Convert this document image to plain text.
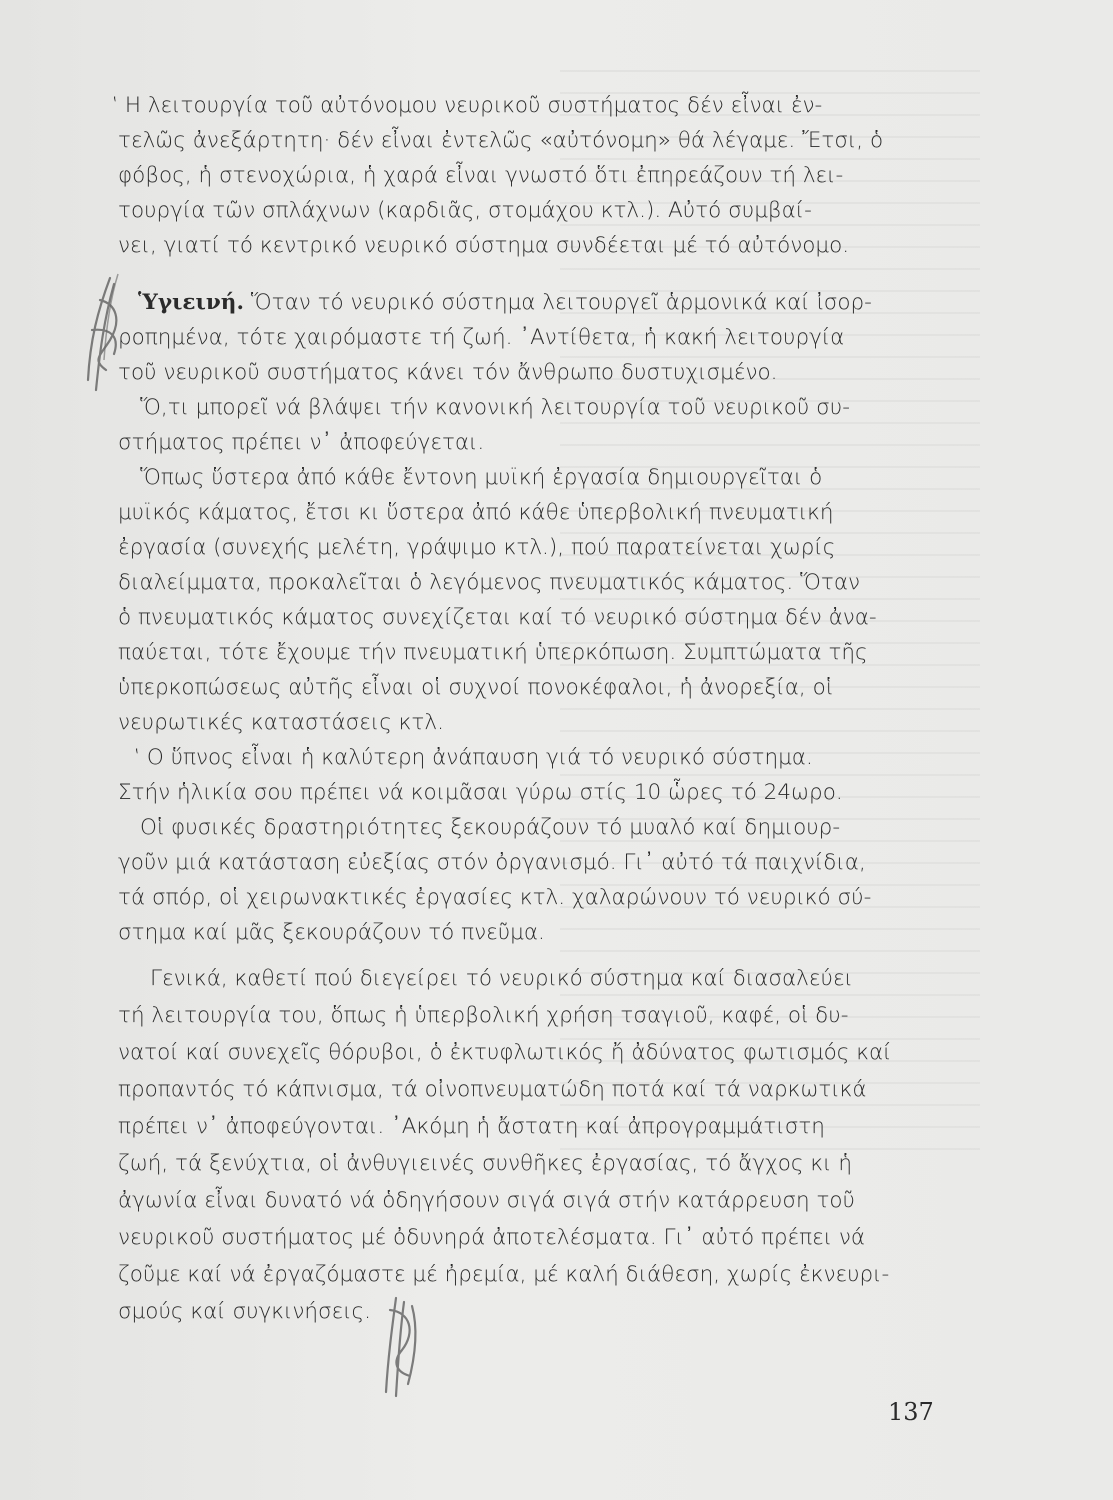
‛Η λειτουργία τοῦ αὐτόνομου νευρικοῦ συστήματος δέν εἶναι ἐν-
τελῶς ἀνεξάρτητη· δέν εἶναι ἐντελῶς «αὐτόνομη» θά λέγαμε. Ἔτσι, ὁ
φόβος, ἡ στενοχώρια, ἡ χαρά εἶναι γνωστό ὅτι ἐπηρεάζουν τή λει-
τουργία τῶν σπλάχνων (καρδιᾶς, στομάχου κτλ.). Αὐτό συμβαί-
νει, γιατί τό κεντρικό νευρικό σύστημα συνδέεται μέ τό αὐτόνομο.

Ὑγιεινή. Ὅταν τό νευρικό σύστημα λειτουργεῖ ἁρμονικά καί ἰσορ-
ροπημένα, τότε χαιρόμαστε τή ζωή. ᾿Αντίθετα, ἡ κακή λειτουργία
τοῦ νευρικοῦ συστήματος κάνει τόν ἄνθρωπο δυστυχισμένο.

Ὅ,τι μπορεῖ νά βλάψει τήν κανονική λειτουργία τοῦ νευρικοῦ συ-
στήματος πρέπει ν᾿ ἀποφεύγεται.

Ὅπως ὕστερα ἀπό κάθε ἔντονη μυϊκή ἐργασία δημιουργεῖται ὁ
μυϊκός κάματος, ἔτσι κι ὕστερα ἀπό κάθε ὑπερβολική πνευματική
ἐργασία (συνεχής μελέτη, γράψιμο κτλ.), πού παρατείνεται χωρίς
διαλείμματα, προκαλεῖται ὁ λεγόμενος πνευματικός κάματος. Ὅταν
ὁ πνευματικός κάματος συνεχίζεται καί τό νευρικό σύστημα δέν ἀνα-
παύεται, τότε ἔχουμε τήν πνευματική ὑπερκόπωση. Συμπτώματα τῆς
ὑπερκοπώσεως αὐτῆς εἶναι οἱ συχνοί πονοκέφαλοι, ἡ ἀνορεξία, οἱ
νευρωτικές καταστάσεις κτλ.

‛Ο ὕπνος εἶναι ἡ καλύτερη ἀνάπαυση γιά τό νευρικό σύστημα.
Στήν ἡλικία σου πρέπει νά κοιμᾶσαι γύρω στίς 10 ὧρες τό 24ωρο.

Οἱ φυσικές δραστηριότητες ξεκουράζουν τό μυαλό καί δημιουρ-
γοῦν μιά κατάσταση εὐεξίας στόν ὀργανισμό. Γι᾿ αὐτό τά παιχνίδια,
τά σπόρ, οἱ χειρωνακτικές ἐργασίες κτλ. χαλαρώνουν τό νευρικό σύ-
στημα καί μᾶς ξεκουράζουν τό πνεῦμα.

Γενικά, καθετί πού διεγείρει τό νευρικό σύστημα καί διασαλεύει
τή λειτουργία του, ὅπως ἡ ὑπερβολική χρήση τσαγιοῦ, καφέ, οἱ δυ-
νατοί καί συνεχεῖς θόρυβοι, ὁ ἐκτυφλωτικός ἤ ἀδύνατος φωτισμός καί
προπαντός τό κάπνισμα, τά οἰνοπνευματώδη ποτά καί τά ναρκωτικά
πρέπει ν᾿ ἀποφεύγονται. ᾿Ακόμη ἡ ἄστατη καί ἀπρογραμμάτιστη
ζωή, τά ξενύχτια, οἱ ἀνθυγιεινές συνθῆκες ἐργασίας, τό ἄγχος κι ἡ
ἀγωνία εἶναι δυνατό νά ὁδηγήσουν σιγά σιγά στήν κατάρρευση τοῦ
νευρικοῦ συστήματος μέ ὀδυνηρά ἀποτελέσματα. Γι᾿ αὐτό πρέπει νά
ζοῦμε καί νά ἐργαζόμαστε μέ ἠρεμία, μέ καλή διάθεση, χωρίς ἐκνευρι-
σμούς καί συγκινήσεις.

137
